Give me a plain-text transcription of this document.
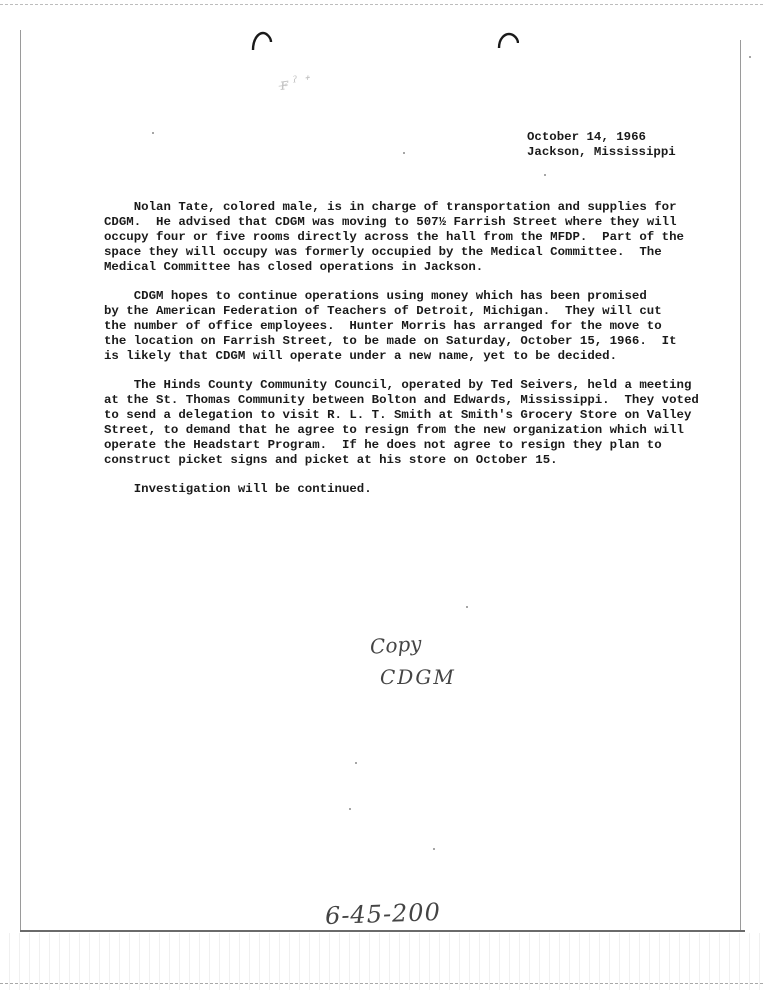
ꜰ̶ ˀ ᐩ
October 14, 1966
Jackson, Mississippi

Nolan Tate, colored male, is in charge of transportation and supplies for
CDGM.  He advised that CDGM was moving to 507½ Farrish Street where they will
occupy four or five rooms directly across the hall from the MFDP.  Part of the
space they will occupy was formerly occupied by the Medical Committee.  The
Medical Committee has closed operations in Jackson.

CDGM hopes to continue operations using money which has been promised
by the American Federation of Teachers of Detroit, Michigan.  They will cut
the number of office employees.  Hunter Morris has arranged for the move to
the location on Farrish Street, to be made on Saturday, October 15, 1966.  It
is likely that CDGM will operate under a new name, yet to be decided.

The Hinds County Community Council, operated by Ted Seivers, held a meeting
at the St. Thomas Community between Bolton and Edwards, Mississippi.  They voted
to send a delegation to visit R. L. T. Smith at Smith's Grocery Store on Valley
Street, to demand that he agree to resign from the new organization which will
operate the Headstart Program.  If he does not agree to resign they plan to
construct picket signs and picket at his store on October 15.

Investigation will be continued.

Copy
CDGM
6-45-200
